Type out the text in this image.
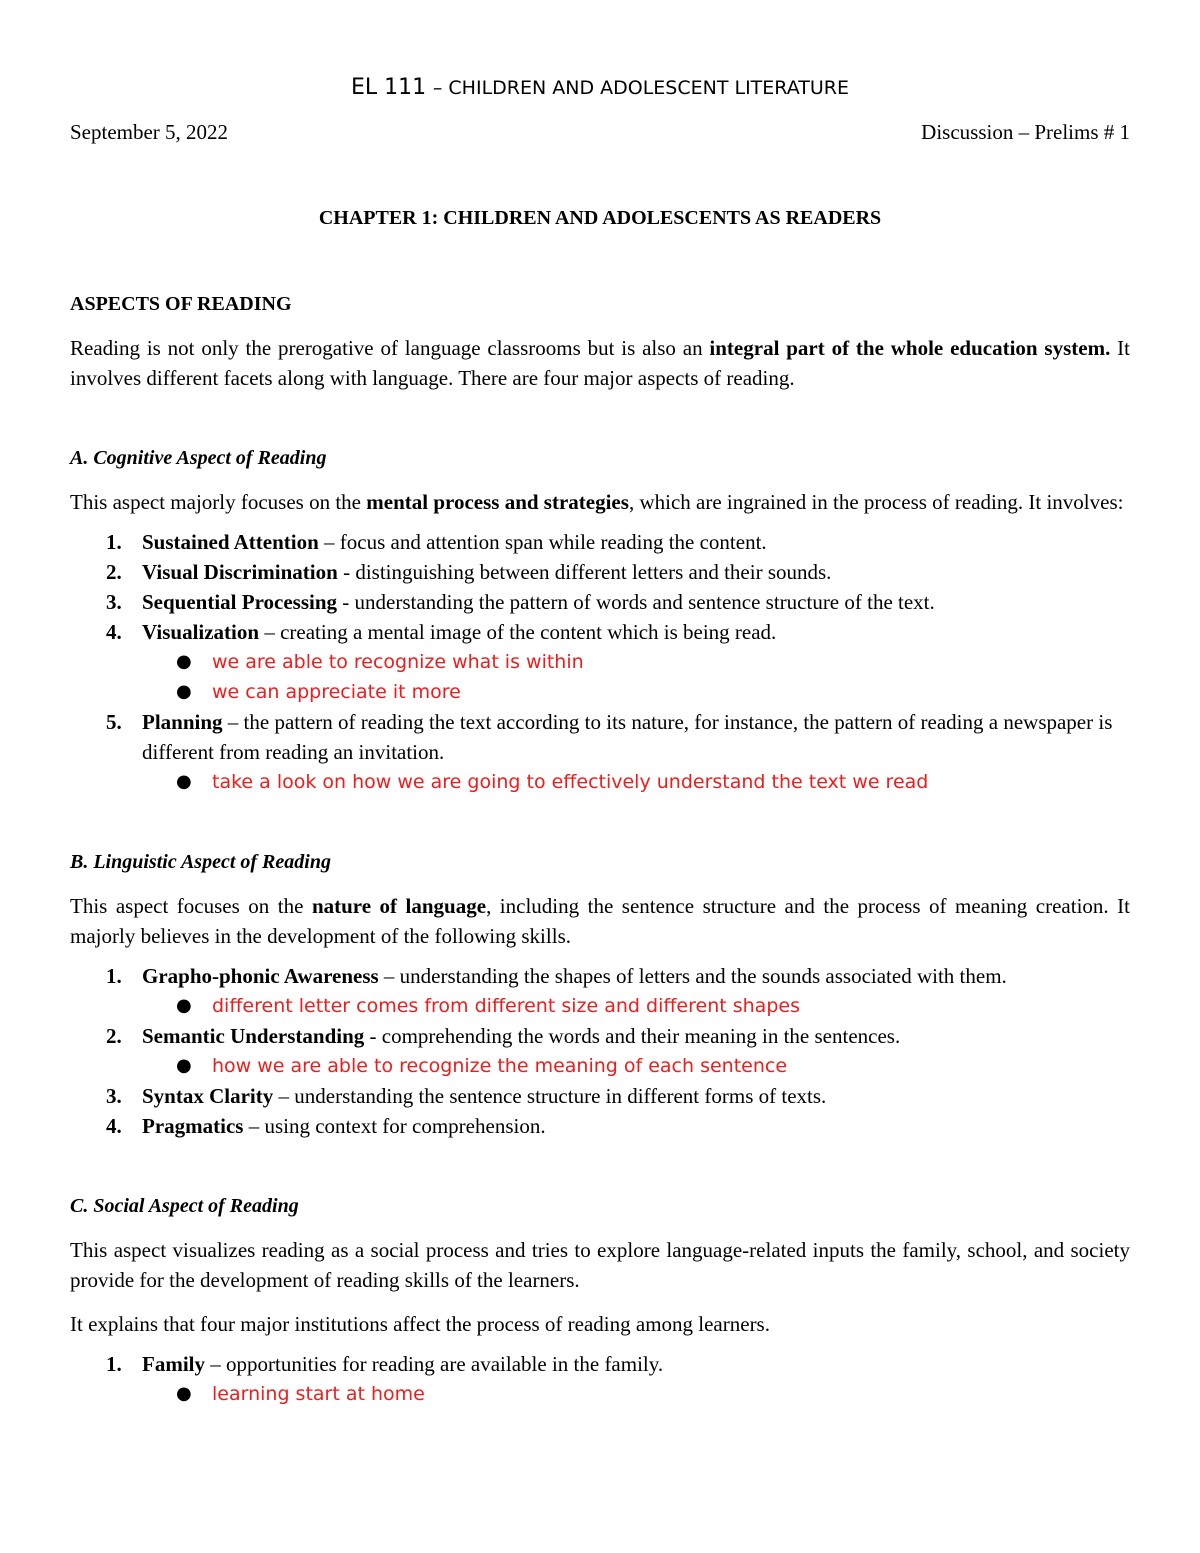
EL 111 – CHILDREN AND ADOLESCENT LITERATURE

September 5, 2022	Discussion – Prelims # 1
CHAPTER 1: CHILDREN AND ADOLESCENTS AS READERS
ASPECTS OF READING

Reading is not only the prerogative of language classrooms but is also an integral part of the whole education system. It involves different facets along with language. There are four major aspects of reading.

A. Cognitive Aspect of Reading

This aspect majorly focuses on the mental process and strategies, which are ingrained in the process of reading. It involves:

1. Sustained Attention – focus and attention span while reading the content.
2. Visual Discrimination - distinguishing between different letters and their sounds.
3. Sequential Processing - understanding the pattern of words and sentence structure of the text.
4. Visualization – creating a mental image of the content which is being read.
● we are able to recognize what is within
● we can appreciate it more
5. Planning – the pattern of reading the text according to its nature, for instance, the pattern of reading a newspaper is different from reading an invitation.
● take a look on how we are going to effectively understand the text we read
B. Linguistic Aspect of Reading

This aspect focuses on the nature of language, including the sentence structure and the process of meaning creation. It majorly believes in the development of the following skills.

1. Grapho-phonic Awareness – understanding the shapes of letters and the sounds associated with them.
● different letter comes from different size and different shapes
2. Semantic Understanding - comprehending the words and their meaning in the sentences.
● how we are able to recognize the meaning of each sentence
3. Syntax Clarity – understanding the sentence structure in different forms of texts.
4. Pragmatics – using context for comprehension.
C. Social Aspect of Reading

This aspect visualizes reading as a social process and tries to explore language-related inputs the family, school, and society provide for the development of reading skills of the learners.

It explains that four major institutions affect the process of reading among learners.

1. Family – opportunities for reading are available in the family.
● learning start at home
